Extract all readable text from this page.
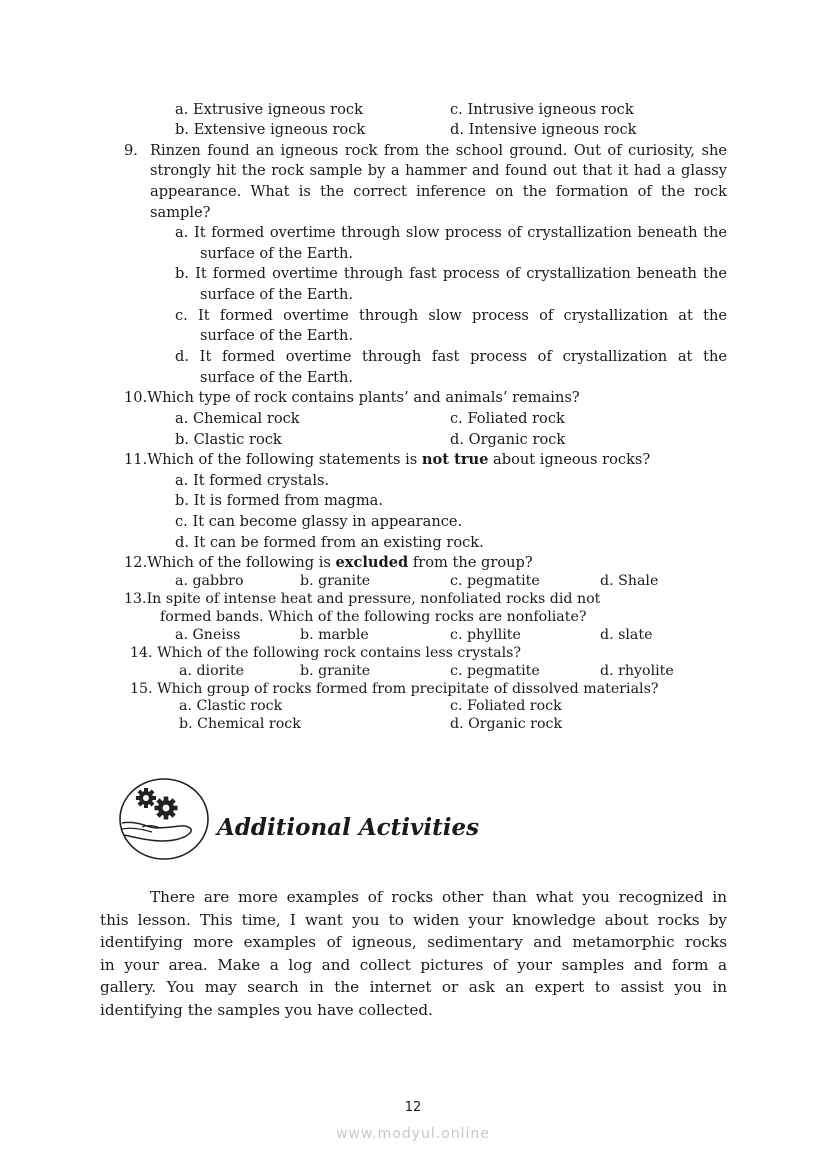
a. Extrusive igneous rock	c. Intrusive igneous rock
b. Extensive igneous rock	d. Intensive igneous rock
9. Rinzen found an igneous rock from the school ground. Out of curiosity, she
strongly hit the rock sample by a hammer and found out that it had a glassy
appearance. What is the correct inference on the formation of the rock
sample?
a. It formed overtime through slow process of crystallization beneath the
surface of the Earth.
b. It formed overtime through fast process of crystallization beneath the
surface of the Earth.
c. It formed overtime through slow process of crystallization at the
surface of the Earth.
d. It formed overtime through fast process of crystallization at the
surface of the Earth.
10.Which type of rock contains plants’ and animals’ remains?
a. Chemical rock	c. Foliated rock
b. Clastic rock	d. Organic rock
11.Which of the following statements is not true about igneous rocks?
a. It formed crystals.
b. It is formed from magma.
c. It can become glassy in appearance.
d. It can be formed from an existing rock.
12.Which of the following is excluded from the group?
a. gabbro	b. granite	c. pegmatite	d. Shale
13.In spite of intense heat and pressure, nonfoliated rocks did not
formed bands. Which of the following rocks are nonfoliate?
a. Gneiss	b. marble	c. phyllite	d. slate
14. Which of the following rock contains less crystals?
a. diorite	b. granite	c. pegmatite	d. rhyolite
15. Which group of rocks formed from precipitate of dissolved materials?
a. Clastic rock	c. Foliated rock
b. Chemical rock	d. Organic rock
Additional Activities
There are more examples of rocks other than what you recognized in
this lesson. This time, I want you to widen your knowledge about rocks by
identifying more examples of igneous, sedimentary and metamorphic rocks
in your area. Make a log and collect pictures of your samples and form a
gallery. You may search in the internet or ask an expert to assist you in
identifying the samples you have collected.
12
www.modyul.online
